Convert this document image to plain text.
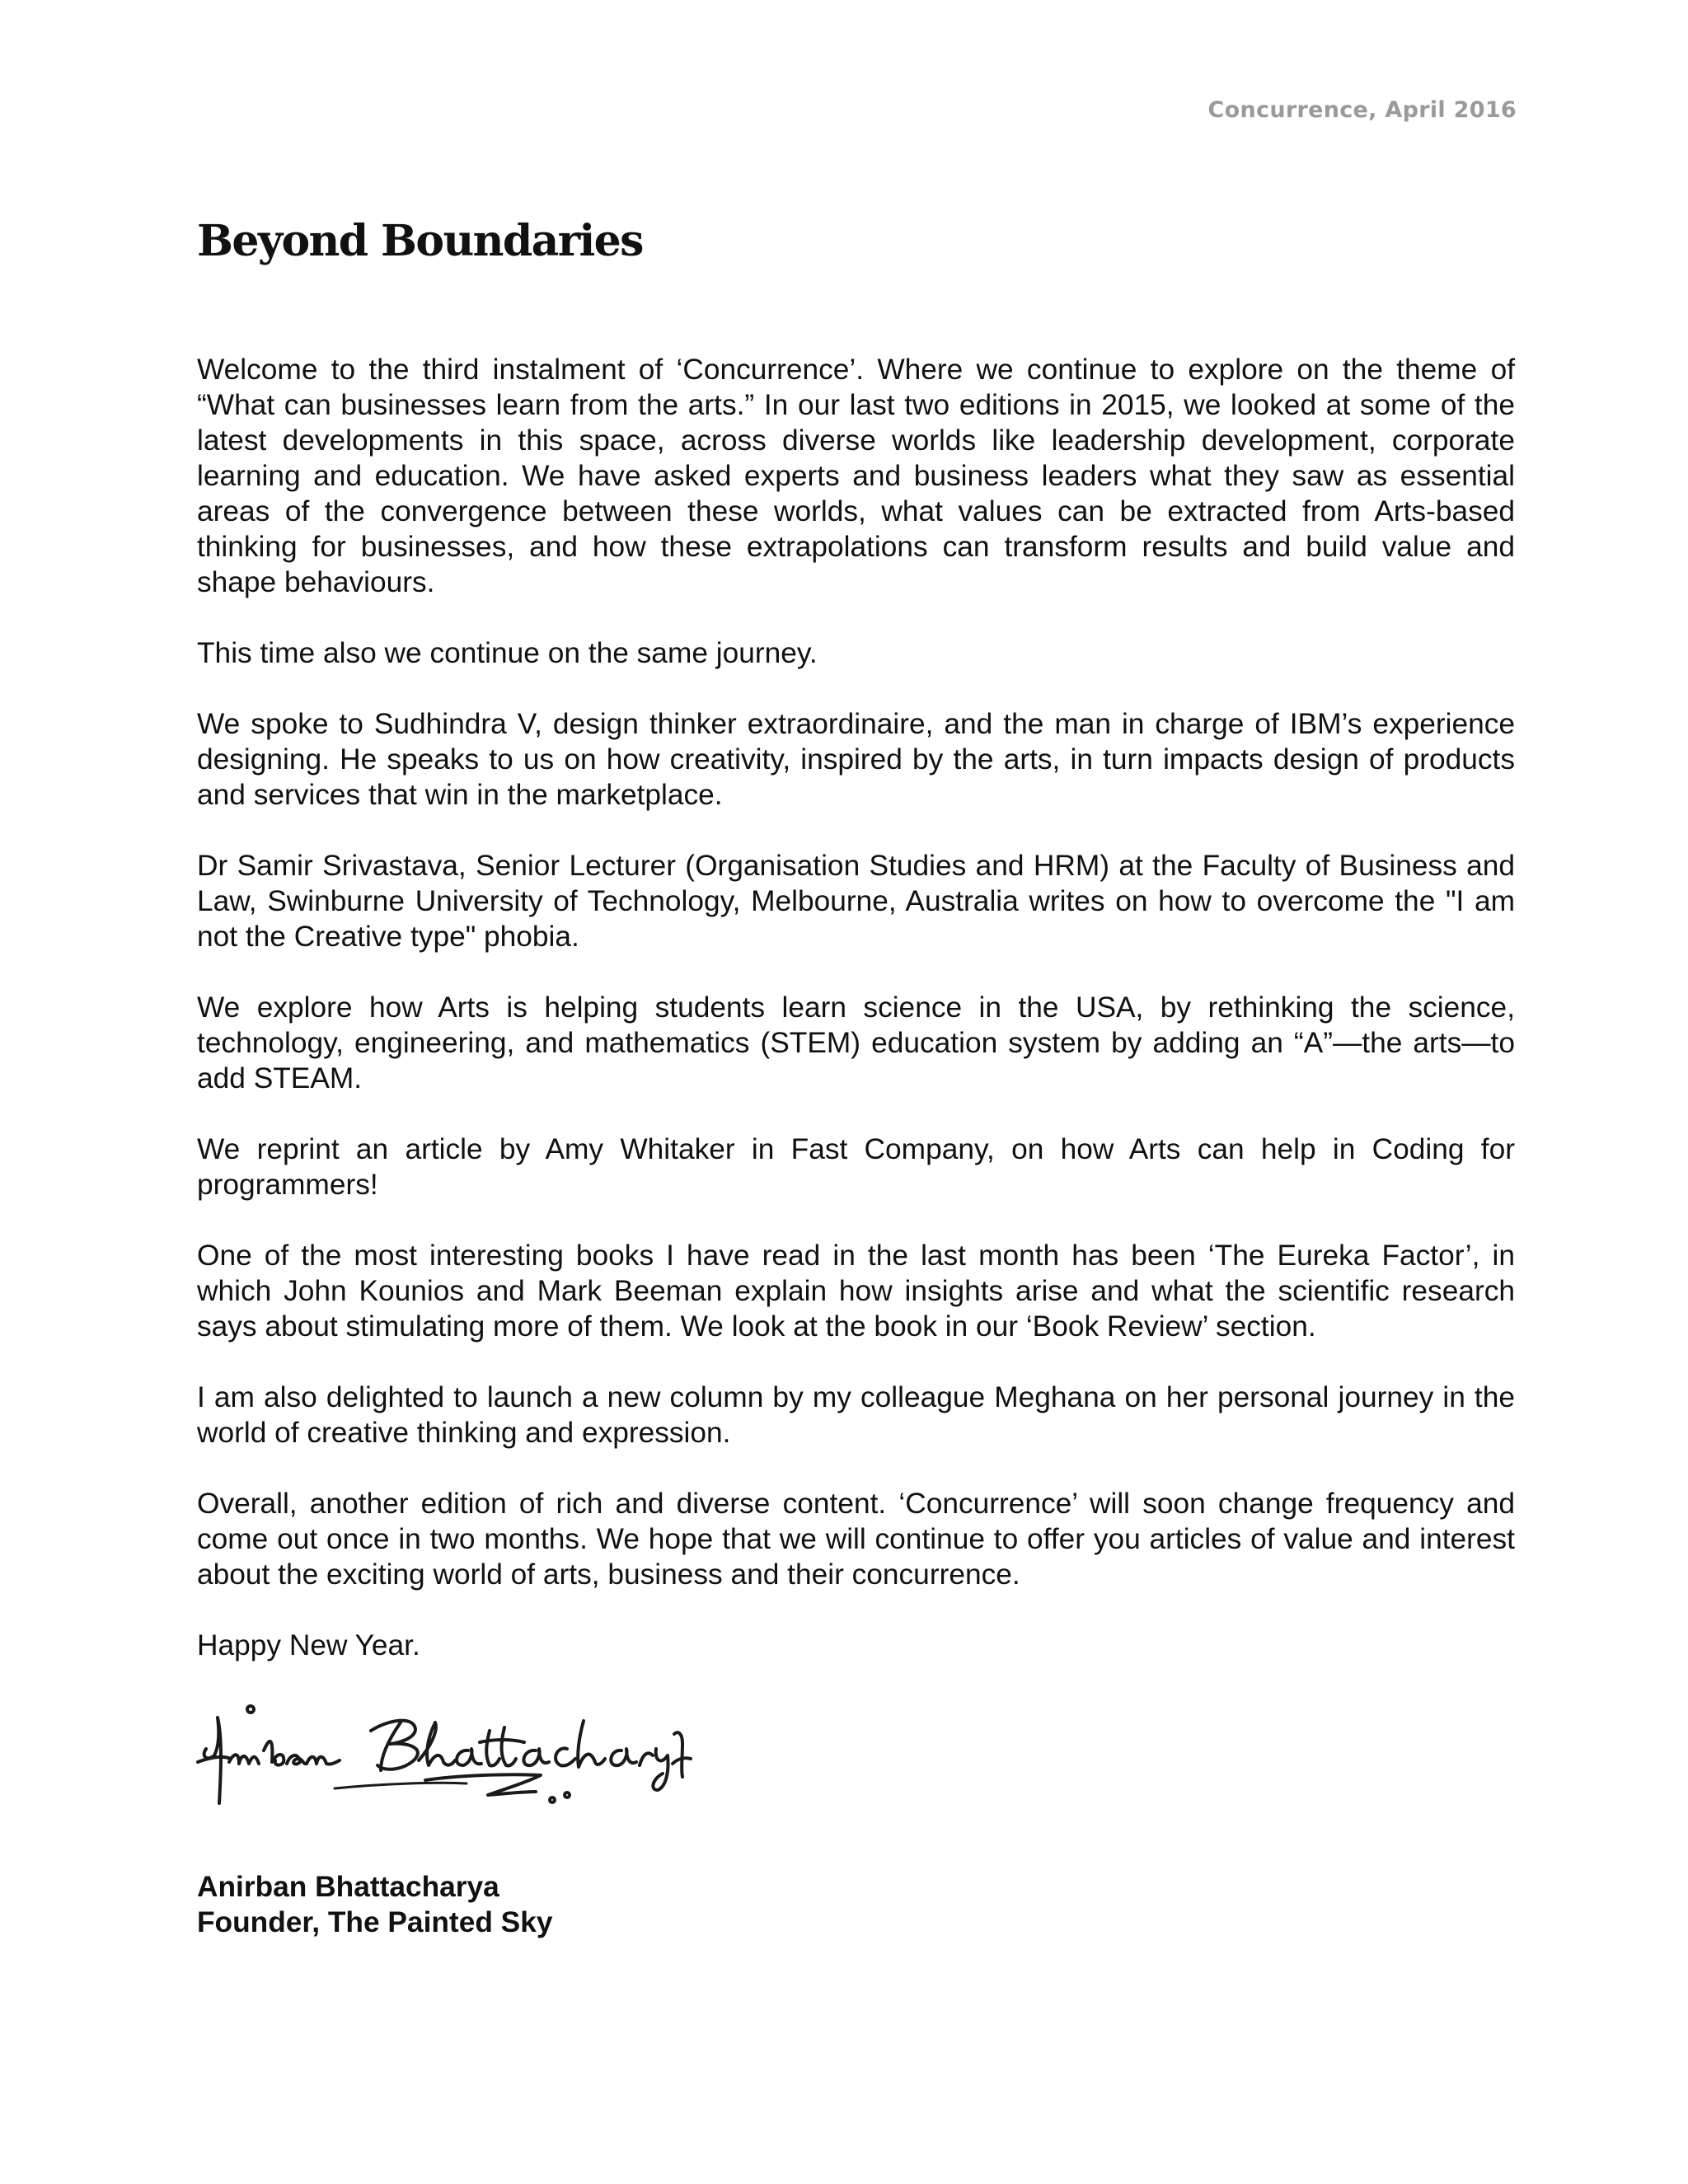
Concurrence, April 2016
Beyond Boundaries

Welcome to the third instalment of ‘Concurrence’. Where we continue to explore on the theme of “What can businesses learn from the arts.” In our last two editions in 2015, we looked at some of the latest developments in this space, across diverse worlds like leadership development, corporate learning and education. We have asked experts and business leaders what they saw as essential areas of the convergence between these worlds, what values can be extracted from Arts-based thinking for businesses, and how these extrapolations can transform results and build value and shape behaviours.

This time also we continue on the same journey.

We spoke to Sudhindra V, design thinker extraordinaire, and the man in charge of IBM’s experience designing. He speaks to us on how creativity, inspired by the arts, in turn impacts design of products and services that win in the marketplace.

Dr Samir Srivastava, Senior Lecturer (Organisation Studies and HRM) at the Faculty of Business and Law, Swinburne University of Technology, Melbourne, Australia writes on how to overcome the "I am not the Creative type" phobia.

We explore how Arts is helping students learn science in the USA, by rethinking the science, technology, engineering, and mathematics (STEM) education system by adding an “A”—the arts—to add STEAM.

We reprint an article by Amy Whitaker in Fast Company, on how Arts can help in Coding for programmers!

One of the most interesting books I have read in the last month has been ‘The Eureka Factor’, in which John Kounios and Mark Beeman explain how insights arise and what the scientific research says about stimulating more of them. We look at the book in our ‘Book Review’ section.

I am also delighted to launch a new column by my colleague Meghana on her personal journey in the world of creative thinking and expression.

Overall, another edition of rich and diverse content. ‘Concurrence’ will soon change frequency and come out once in two months. We hope that we will continue to offer you articles of value and interest about the exciting world of arts, business and their concurrence.

Happy New Year.

Anirban Bhattacharya
Founder, The Painted Sky
